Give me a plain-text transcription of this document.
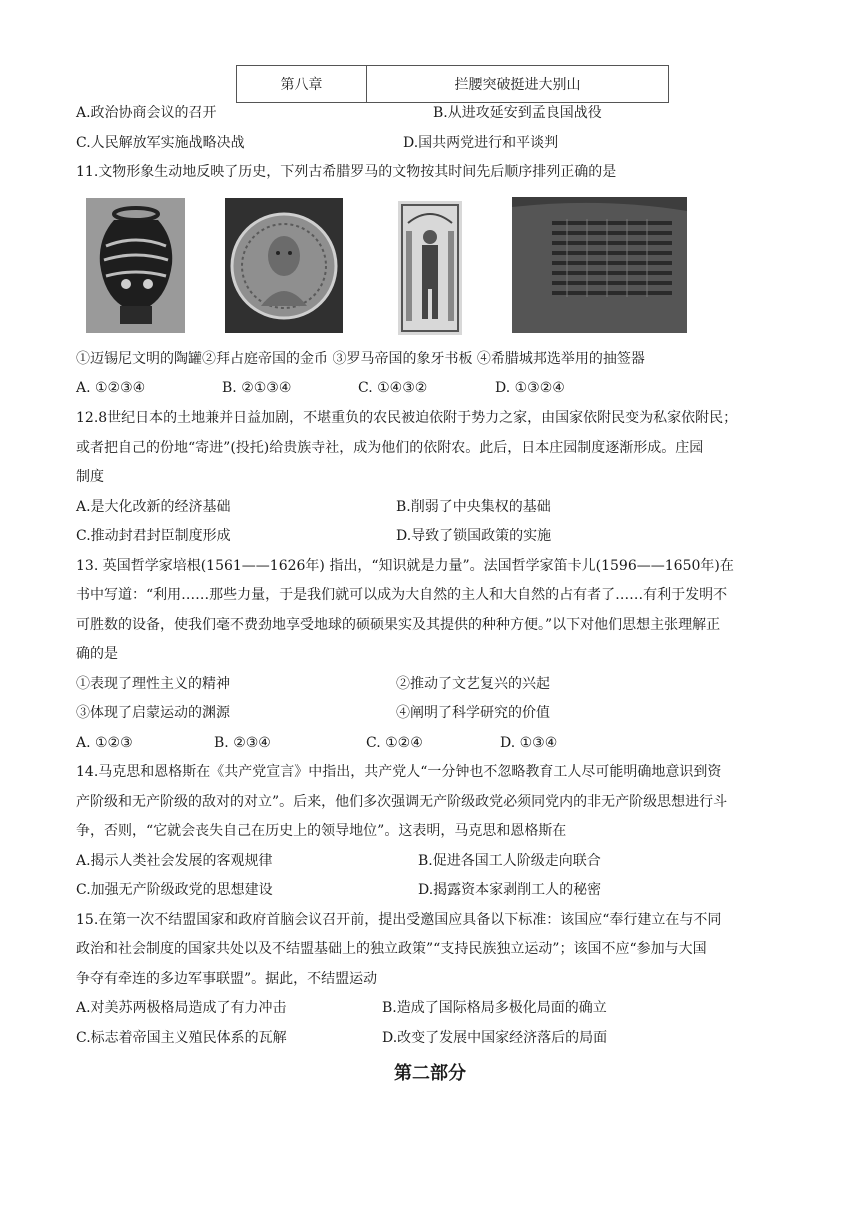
第八章	拦腰突破挺进大别山
A.政治协商会议的召开	B.从进攻延安到孟良国战役
C.人民解放军实施战略决战	D.国共两党进行和平谈判
11.文物形象生动地反映了历史，下列古希腊罗马的文物按其时间先后顺序排列正确的是
①迈锡尼文明的陶罐②拜占庭帝国的金币 ③罗马帝国的象牙书板 ④希腊城邦选举用的抽签器
A. ①②③④	B. ②①③④	C. ①④③②	D. ①③②④
12.8世纪日本的土地兼并日益加剧，不堪重负的农民被迫依附于势力之家，由国家依附民变为私家依附民；
或者把自己的份地“寄进”(投托)给贵族寺社，成为他们的依附农。此后，日本庄园制度逐渐形成。庄园
制度
A.是大化改新的经济基础	B.削弱了中央集权的基础
C.推动封君封臣制度形成	D.导致了锁国政策的实施
13. 英国哲学家培根(1561——1626年) 指出，“知识就是力量”。法国哲学家笛卡儿(1596——1650年)在
书中写道：“利用……那些力量，于是我们就可以成为大自然的主人和大自然的占有者了……有利于发明不
可胜数的设备，使我们毫不费劲地享受地球的硕硕果实及其提供的种种方便。”以下对他们思想主张理解正
确的是
①表现了理性主义的精神	②推动了文艺复兴的兴起
③体现了启蒙运动的渊源	④阐明了科学研究的价值
A. ①②③	B. ②③④	C. ①②④	D. ①③④
14.马克思和恩格斯在《共产党宣言》中指出，共产党人“一分钟也不忽略教育工人尽可能明确地意识到资
产阶级和无产阶级的敌对的对立”。后来，他们多次强调无产阶级政党必须同党内的非无产阶级思想进行斗
争，否则，“它就会丧失自己在历史上的领导地位”。这表明，马克思和恩格斯在
A.揭示人类社会发展的客观规律	B.促进各国工人阶级走向联合
C.加强无产阶级政党的思想建设	D.揭露资本家剥削工人的秘密
15.在第一次不结盟国家和政府首脑会议召开前，提出受邀国应具备以下标准：该国应“奉行建立在与不同
政治和社会制度的国家共处以及不结盟基础上的独立政策”“支持民族独立运动”；该国不应“参加与大国
争夺有牵连的多边军事联盟”。据此，不结盟运动
A.对美苏两极格局造成了有力冲击	B.造成了国际格局多极化局面的确立
C.标志着帝国主义殖民体系的瓦解	D.改变了发展中国家经济落后的局面
第二部分
